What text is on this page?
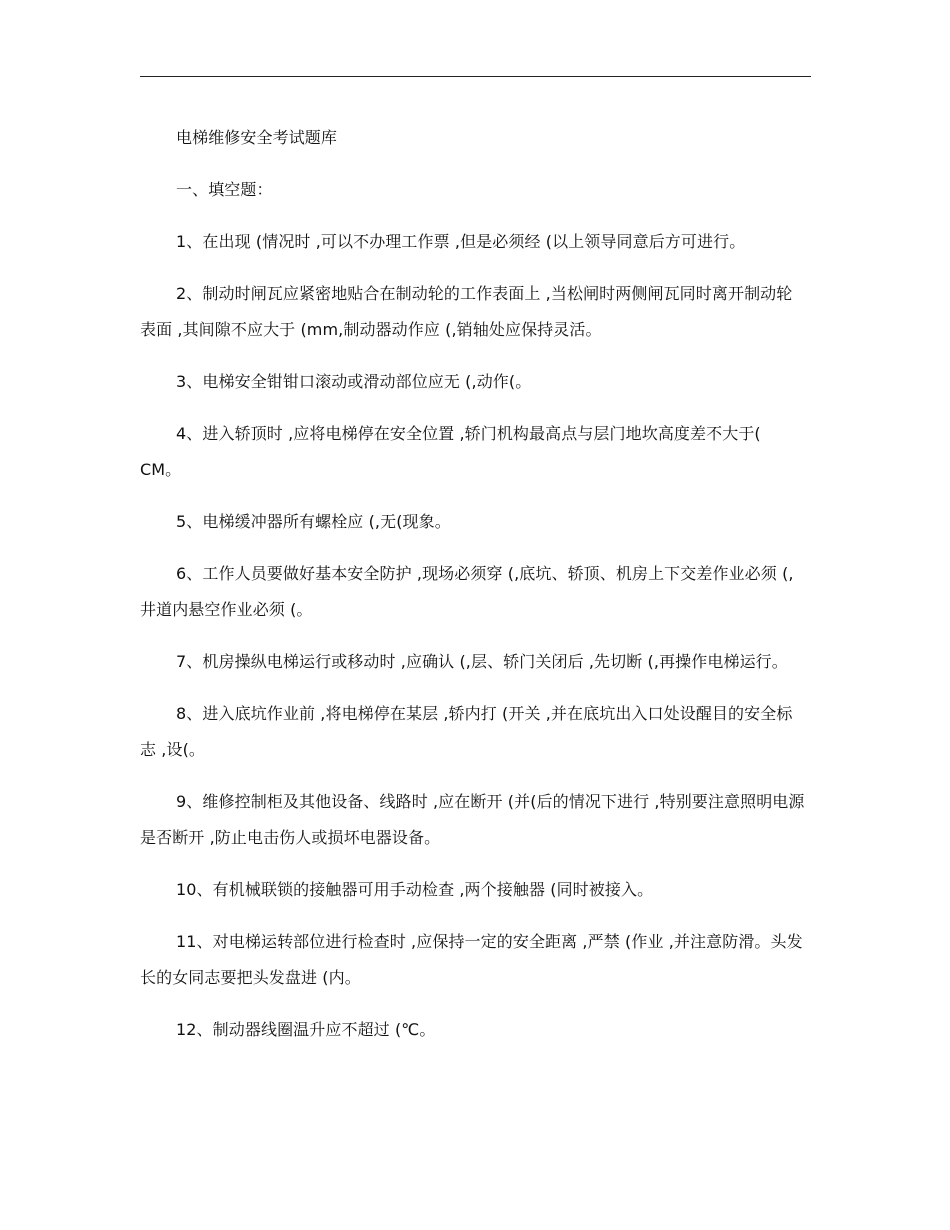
电梯维修安全考试题库

一、填空题：

1、在出现 (情况时 ,可以不办理工作票 ,但是必须经 (以上领导同意后方可进行。

2、制动时闸瓦应紧密地贴合在制动轮的工作表面上 ,当松闸时两侧闸瓦同时离开制动轮表面 ,其间隙不应大于 (mm,制动器动作应 (,销轴处应保持灵活。

3、电梯安全钳钳口滚动或滑动部位应无 (,动作(。

4、进入轿顶时 ,应将电梯停在安全位置 ,轿门机构最高点与层门地坎高度差不大于( CM。

5、电梯缓冲器所有螺栓应 (,无(现象。

6、工作人员要做好基本安全防护 ,现场必须穿 (,底坑、轿顶、机房上下交差作业必须 (,井道内悬空作业必须 (。

7、机房操纵电梯运行或移动时 ,应确认 (,层、轿门关闭后 ,先切断 (,再操作电梯运行。

8、进入底坑作业前 ,将电梯停在某层 ,轿内打 (开关 ,并在底坑出入口处设醒目的安全标志 ,设(。

9、维修控制柜及其他设备、线路时 ,应在断开 (并(后的情况下进行 ,特别要注意照明电源是否断开 ,防止电击伤人或损坏电器设备。

10、有机械联锁的接触器可用手动检查 ,两个接触器 (同时被接入。

11、对电梯运转部位进行检查时 ,应保持一定的安全距离 ,严禁 (作业 ,并注意防滑。头发长的女同志要把头发盘进 (内。

12、制动器线圈温升应不超过 (℃。
